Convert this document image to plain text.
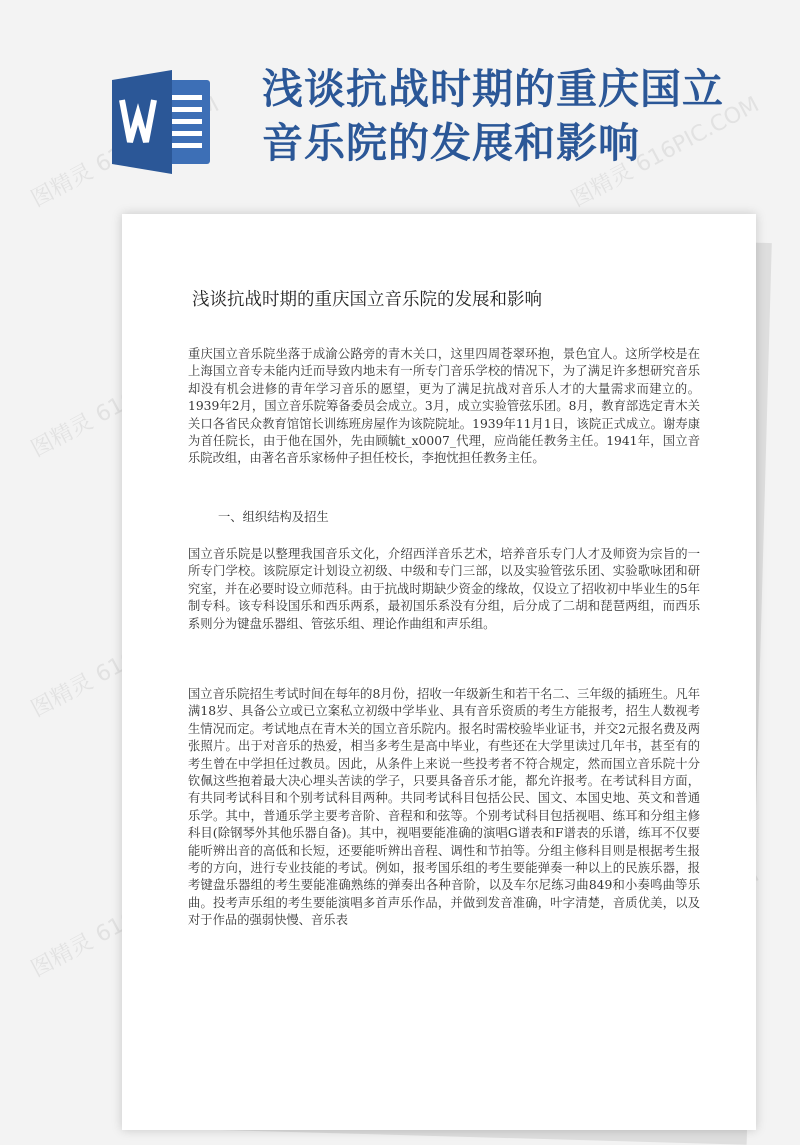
图精灵	图精灵 616PIC.COM
图精灵
图精灵
图精灵
浅谈抗战时期的重庆国立音乐院的发展和影响
浅谈抗战时期的重庆国立音乐院的发展和影响

重庆国立音乐院坐落于成渝公路旁的青木关口，这里四周苍翠环抱，景色宜人。这所学校是在上海国立音专未能内迁而导致内地未有一所专门音乐学校的情况下，为了满足许多想研究音乐却没有机会进修的青年学习音乐的愿望，更为了满足抗战对音乐人才的大量需求而建立的。1939年2月，国立音乐院筹备委员会成立。3月，成立实验管弦乐团。8月，教育部选定青木关关口各省民众教育馆馆长训练班房屋作为该院院址。1939年11月1日，该院正式成立。谢寿康为首任院长，由于他在国外，先由顾毓t_x0007_代理，应尚能任教务主任。1941年，国立音乐院改组，由著名音乐家杨仲子担任校长，李抱忱担任教务主任。

一、组织结构及招生

国立音乐院是以整理我国音乐文化，介绍西洋音乐艺术，培养音乐专门人才及师资为宗旨的一所专门学校。该院原定计划设立初级、中级和专门三部，以及实验管弦乐团、实验歌咏团和研究室，并在必要时设立师范科。由于抗战时期缺少资金的缘故，仅设立了招收初中毕业生的5年制专科。该专科设国乐和西乐两系，最初国乐系没有分组，后分成了二胡和琵琶两组，而西乐系则分为键盘乐器组、管弦乐组、理论作曲组和声乐组。

国立音乐院招生考试时间在每年的8月份，招收一年级新生和若干名二、三年级的插班生。凡年满18岁、具备公立或已立案私立初级中学毕业、具有音乐资质的考生方能报考，招生人数视考生情况而定。考试地点在青木关的国立音乐院内。报名时需校验毕业证书，并交2元报名费及两张照片。出于对音乐的热爱，相当多考生是高中毕业，有些还在大学里读过几年书，甚至有的考生曾在中学担任过教员。因此，从条件上来说一些投考者不符合规定，然而国立音乐院十分钦佩这些抱着最大决心埋头苦读的学子，只要具备音乐才能，都允许报考。在考试科目方面，有共同考试科目和个别考试科目两种。共同考试科目包括公民、国文、本国史地、英文和普通乐学。其中，普通乐学主要考音阶、音程和和弦等。个别考试科目包括视唱、练耳和分组主修科目(除钢琴外其他乐器自备)。其中，视唱要能准确的演唱G谱表和F谱表的乐谱，练耳不仅要能听辨出音的高低和长短，还要能听辨出音程、调性和节拍等。分组主修科目则是根据考生报考的方向，进行专业技能的考试。例如，报考国乐组的考生要能弹奏一种以上的民族乐器，报考键盘乐器组的考生要能准确熟练的弹奏出各种音阶，以及车尔尼练习曲849和小奏鸣曲等乐曲。投考声乐组的考生要能演唱多首声乐作品，并做到发音准确，叶字清楚，音质优美，以及对于作品的强弱快慢、音乐表
